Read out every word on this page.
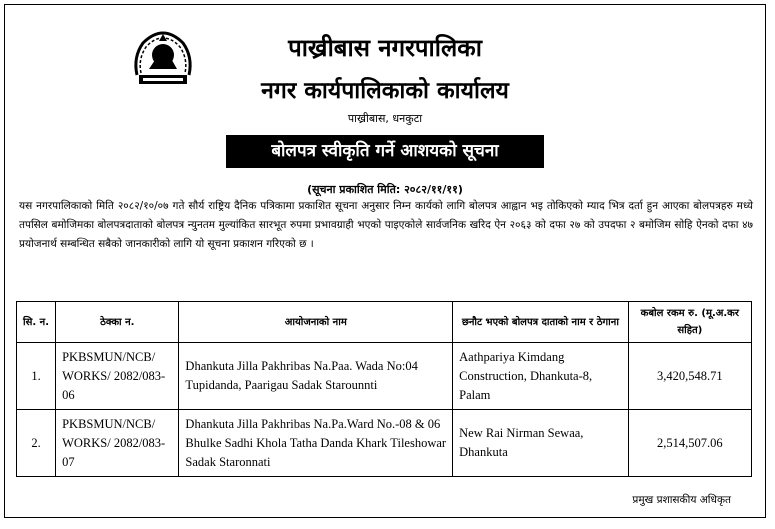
पाख्रीबास नगरपालिका
नगर कार्यपालिकाको कार्यालय
पाख्रीबास, धनकुटा
बोलपत्र स्वीकृति गर्ने आशयको सूचना
(सूचना प्रकाशित मिति: २०८२/११/११)
यस नगरपालिकाको मिति २०८२/१०/०७ गते सौर्य राष्ट्रिय दैनिक पत्रिकामा प्रकाशित सूचना अनुसार निम्न कार्यको लागि बोलपत्र आह्वान भइ तोकिएको म्याद भित्र दर्ता हुन आएका बोलपत्रहरु मध्ये तपसिल बमोजिमका बोलपत्रदाताको बोलपत्र न्युनतम मुल्यांकित सारभूत रुपमा प्रभावग्राही भएको पाइएकोले सार्वजनिक खरिद ऐन २०६३ को दफा २७ को उपदफा २ बमोजिम सोहि ऐनको दफा ४७ प्रयोजनार्थ सम्बन्धित सबैको जानकारीको लागि यो सूचना प्रकाशन गरिएको छ ।
प्रमुख प्रशासकीय अधिकृत
सि. न.	ठेक्का न.	आयोजनाको नाम	छनौट भएको बोलपत्र दाताको नाम र ठेगाना	कबोल रकम रु. (मू.अ.कर सहित)
1.	PKBSMUN/NCB/ WORKS/ 2082/083-06	Dhankuta Jilla Pakhribas Na.Paa. Wada No:04 Tupidanda, Paarigau Sadak Starounnti	Aathpariya Kimdang Construction, Dhankuta-8, Palam	3,420,548.71
2.	PKBSMUN/NCB/ WORKS/ 2082/083-07	Dhankuta Jilla Pakhribas Na.Pa.Ward No.-08 & 06 Bhulke Sadhi Khola Tatha Danda Khark Tileshowar Sadak Staronnati	New Rai Nirman Sewaa, Dhankuta	2,514,507.06
